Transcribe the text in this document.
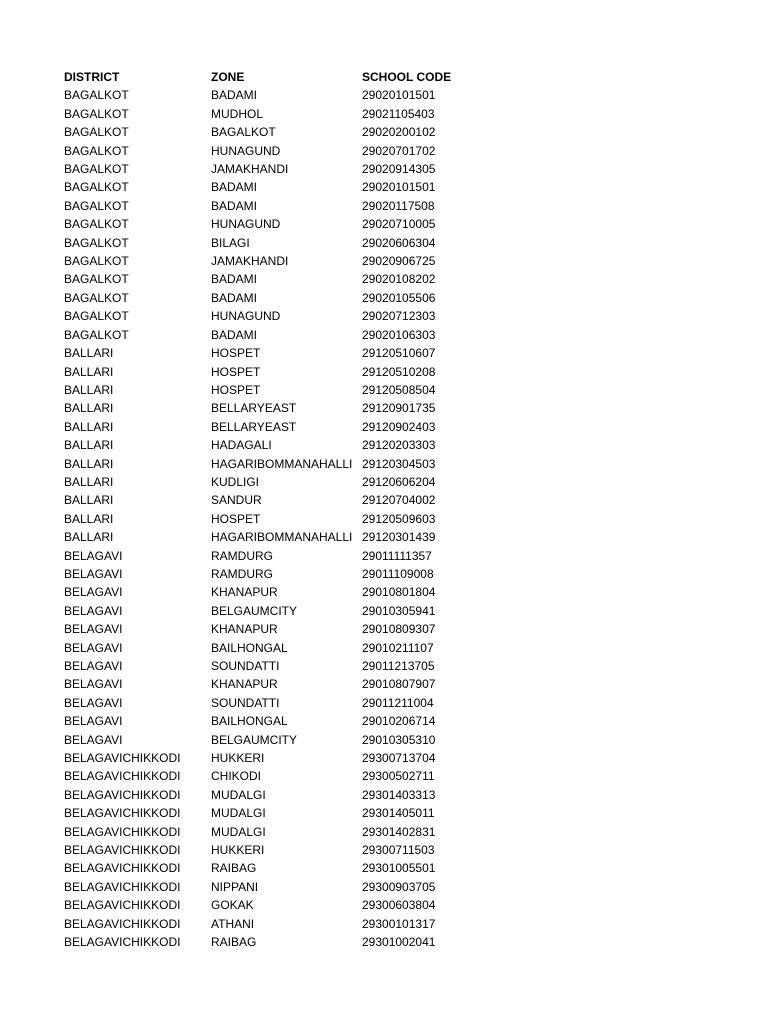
DISTRICT	ZONE	SCHOOL CODE
BAGALKOT	BADAMI	29020101501
BAGALKOT	MUDHOL	29021105403
BAGALKOT	BAGALKOT	29020200102
BAGALKOT	HUNAGUND	29020701702
BAGALKOT	JAMAKHANDI	29020914305
BAGALKOT	BADAMI	29020101501
BAGALKOT	BADAMI	29020117508
BAGALKOT	HUNAGUND	29020710005
BAGALKOT	BILAGI	29020606304
BAGALKOT	JAMAKHANDI	29020906725
BAGALKOT	BADAMI	29020108202
BAGALKOT	BADAMI	29020105506
BAGALKOT	HUNAGUND	29020712303
BAGALKOT	BADAMI	29020106303
BALLARI	HOSPET	29120510607
BALLARI	HOSPET	29120510208
BALLARI	HOSPET	29120508504
BALLARI	BELLARYEAST	29120901735
BALLARI	BELLARYEAST	29120902403
BALLARI	HADAGALI	29120203303
BALLARI	HAGARIBOMMANAHALLI	29120304503
BALLARI	KUDLIGI	29120606204
BALLARI	SANDUR	29120704002
BALLARI	HOSPET	29120509603
BALLARI	HAGARIBOMMANAHALLI	29120301439
BELAGAVI	RAMDURG	29011111357
BELAGAVI	RAMDURG	29011109008
BELAGAVI	KHANAPUR	29010801804
BELAGAVI	BELGAUMCITY	29010305941
BELAGAVI	KHANAPUR	29010809307
BELAGAVI	BAILHONGAL	29010211107
BELAGAVI	SOUNDATTI	29011213705
BELAGAVI	KHANAPUR	29010807907
BELAGAVI	SOUNDATTI	29011211004
BELAGAVI	BAILHONGAL	29010206714
BELAGAVI	BELGAUMCITY	29010305310
BELAGAVICHIKKODI	HUKKERI	29300713704
BELAGAVICHIKKODI	CHIKODI	29300502711
BELAGAVICHIKKODI	MUDALGI	29301403313
BELAGAVICHIKKODI	MUDALGI	29301405011
BELAGAVICHIKKODI	MUDALGI	29301402831
BELAGAVICHIKKODI	HUKKERI	29300711503
BELAGAVICHIKKODI	RAIBAG	29301005501
BELAGAVICHIKKODI	NIPPANI	29300903705
BELAGAVICHIKKODI	GOKAK	29300603804
BELAGAVICHIKKODI	ATHANI	29300101317
BELAGAVICHIKKODI	RAIBAG	29301002041
